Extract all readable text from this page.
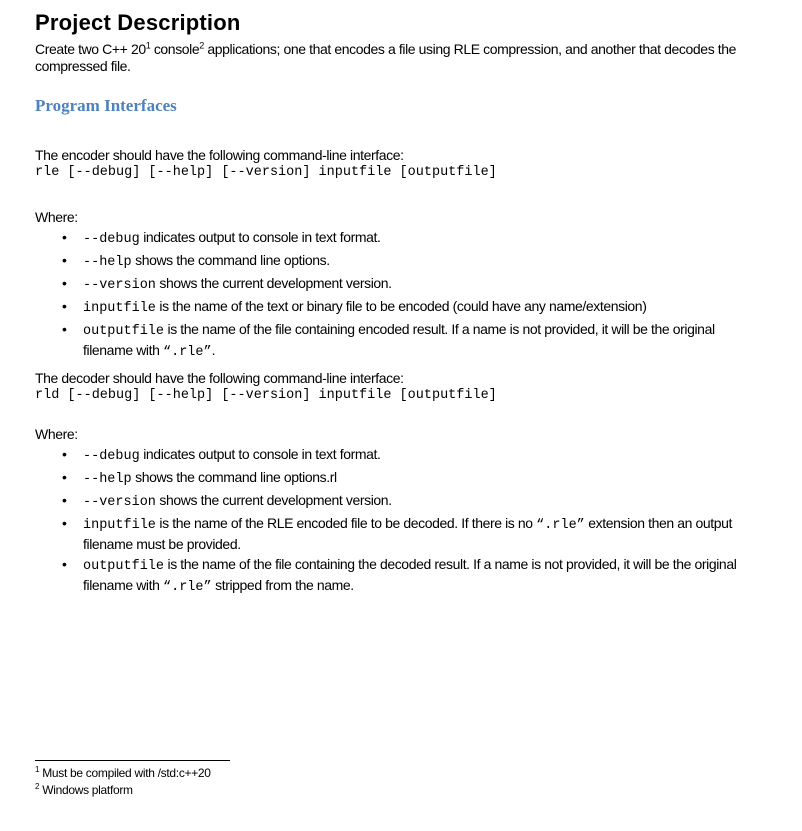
Project Description
Create two $C++ 20^1$ console$^2$ applications; one that encodes a file using RLE compression, and another that decodes the compressed file.
Program Interfaces
The encoder should have the following command-line interface:
rle [--debug] [--help] [--version] inputfile [outputfile]
Where:
• --debug indicates output to console in text format.
• --help shows the command line options.
• --version shows the current development version.
• inputfile is the name of the text or binary file to be encoded (could have any name/extension)
• outputfile is the name of the file containing encoded result. If a name is not provided, it will be the original filename with “.rle”.
The decoder should have the following command-line interface:
rld [--debug] [--help] [--version] inputfile [outputfile]
Where:
• --debug indicates output to console in text format.
• --help shows the command line options.rl
• --version shows the current development version.
• inputfile is the name of the RLE encoded file to be decoded. If there is no “.rle” extension then an output filename must be provided.
• outputfile is the name of the file containing the decoded result. If a name is not provided, it will be the original filename with “.rle” stripped from the name.
$^1$ Must be compiled with /std:c++20
$^2$ Windows platform
